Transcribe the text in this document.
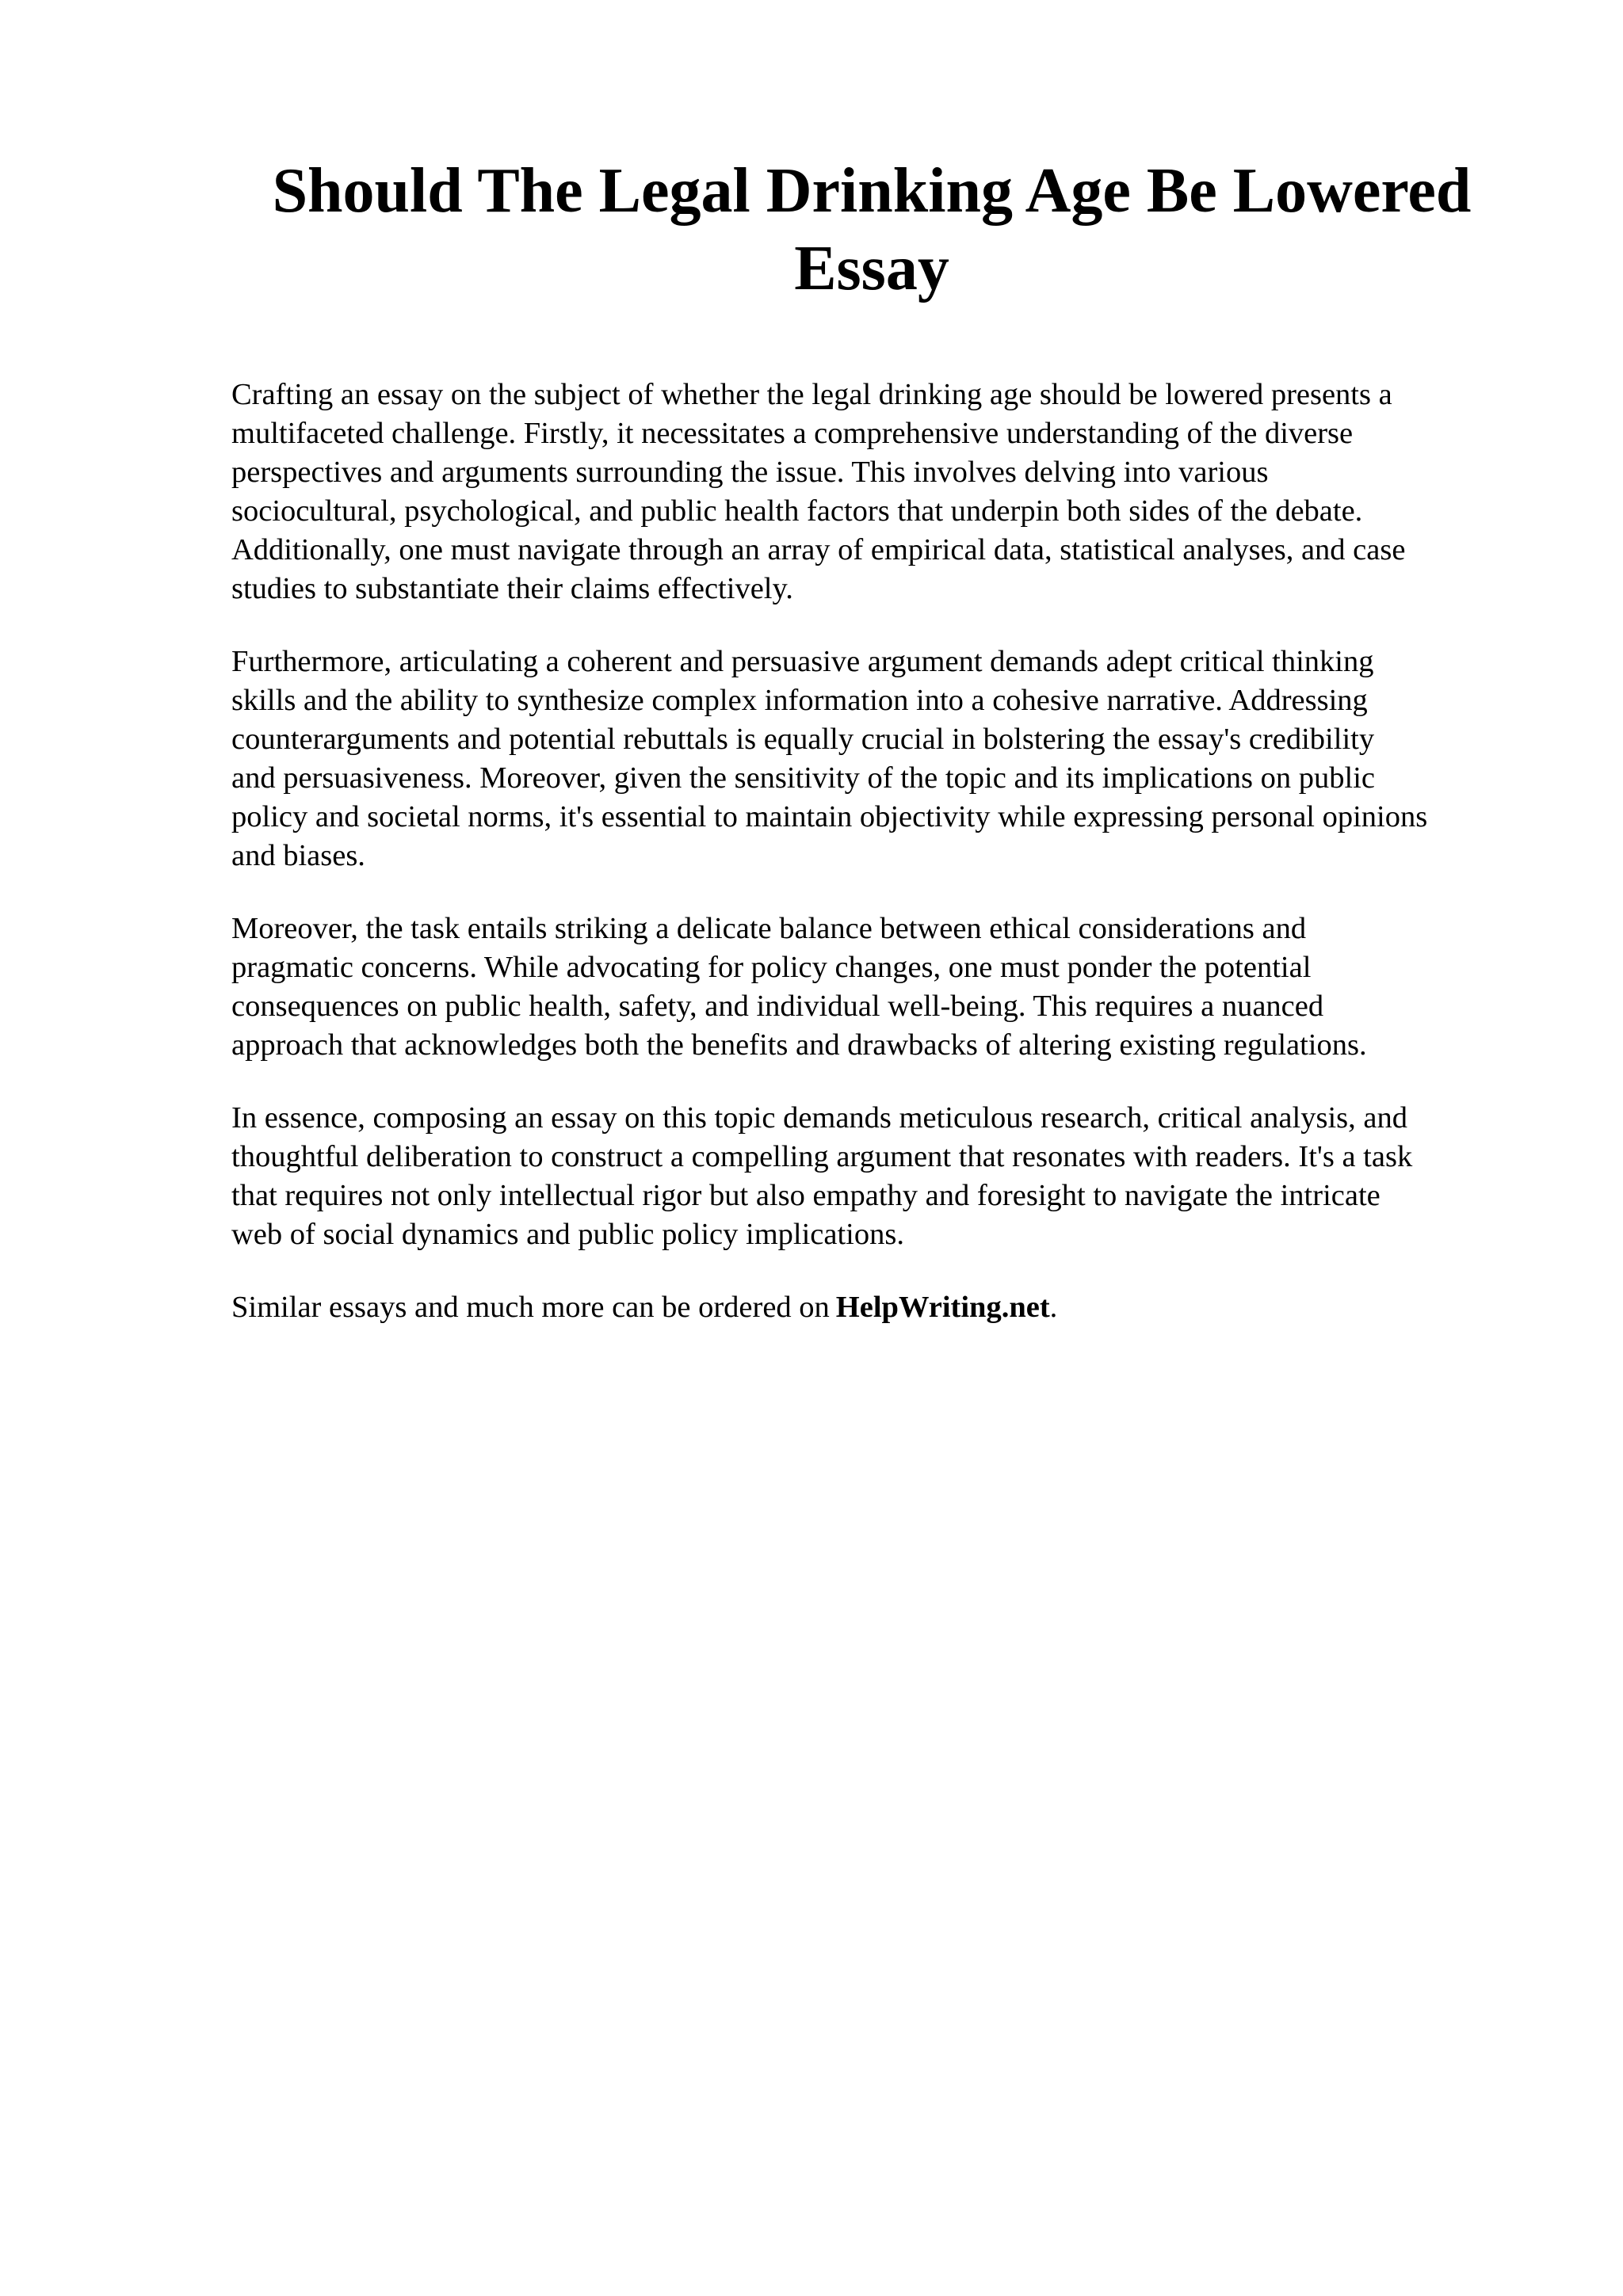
Should The Legal Drinking Age Be Lowered
Essay

Crafting an essay on the subject of whether the legal drinking age should be lowered presents a
multifaceted challenge. Firstly, it necessitates a comprehensive understanding of the diverse
perspectives and arguments surrounding the issue. This involves delving into various
sociocultural, psychological, and public health factors that underpin both sides of the debate.
Additionally, one must navigate through an array of empirical data, statistical analyses, and case
studies to substantiate their claims effectively.

Furthermore, articulating a coherent and persuasive argument demands adept critical thinking
skills and the ability to synthesize complex information into a cohesive narrative. Addressing
counterarguments and potential rebuttals is equally crucial in bolstering the essay's credibility
and persuasiveness. Moreover, given the sensitivity of the topic and its implications on public
policy and societal norms, it's essential to maintain objectivity while expressing personal opinions
and biases.

Moreover, the task entails striking a delicate balance between ethical considerations and
pragmatic concerns. While advocating for policy changes, one must ponder the potential
consequences on public health, safety, and individual well-being. This requires a nuanced
approach that acknowledges both the benefits and drawbacks of altering existing regulations.

In essence, composing an essay on this topic demands meticulous research, critical analysis, and
thoughtful deliberation to construct a compelling argument that resonates with readers. It's a task
that requires not only intellectual rigor but also empathy and foresight to navigate the intricate
web of social dynamics and public policy implications.

Similar essays and much more can be ordered on HelpWriting.net.
